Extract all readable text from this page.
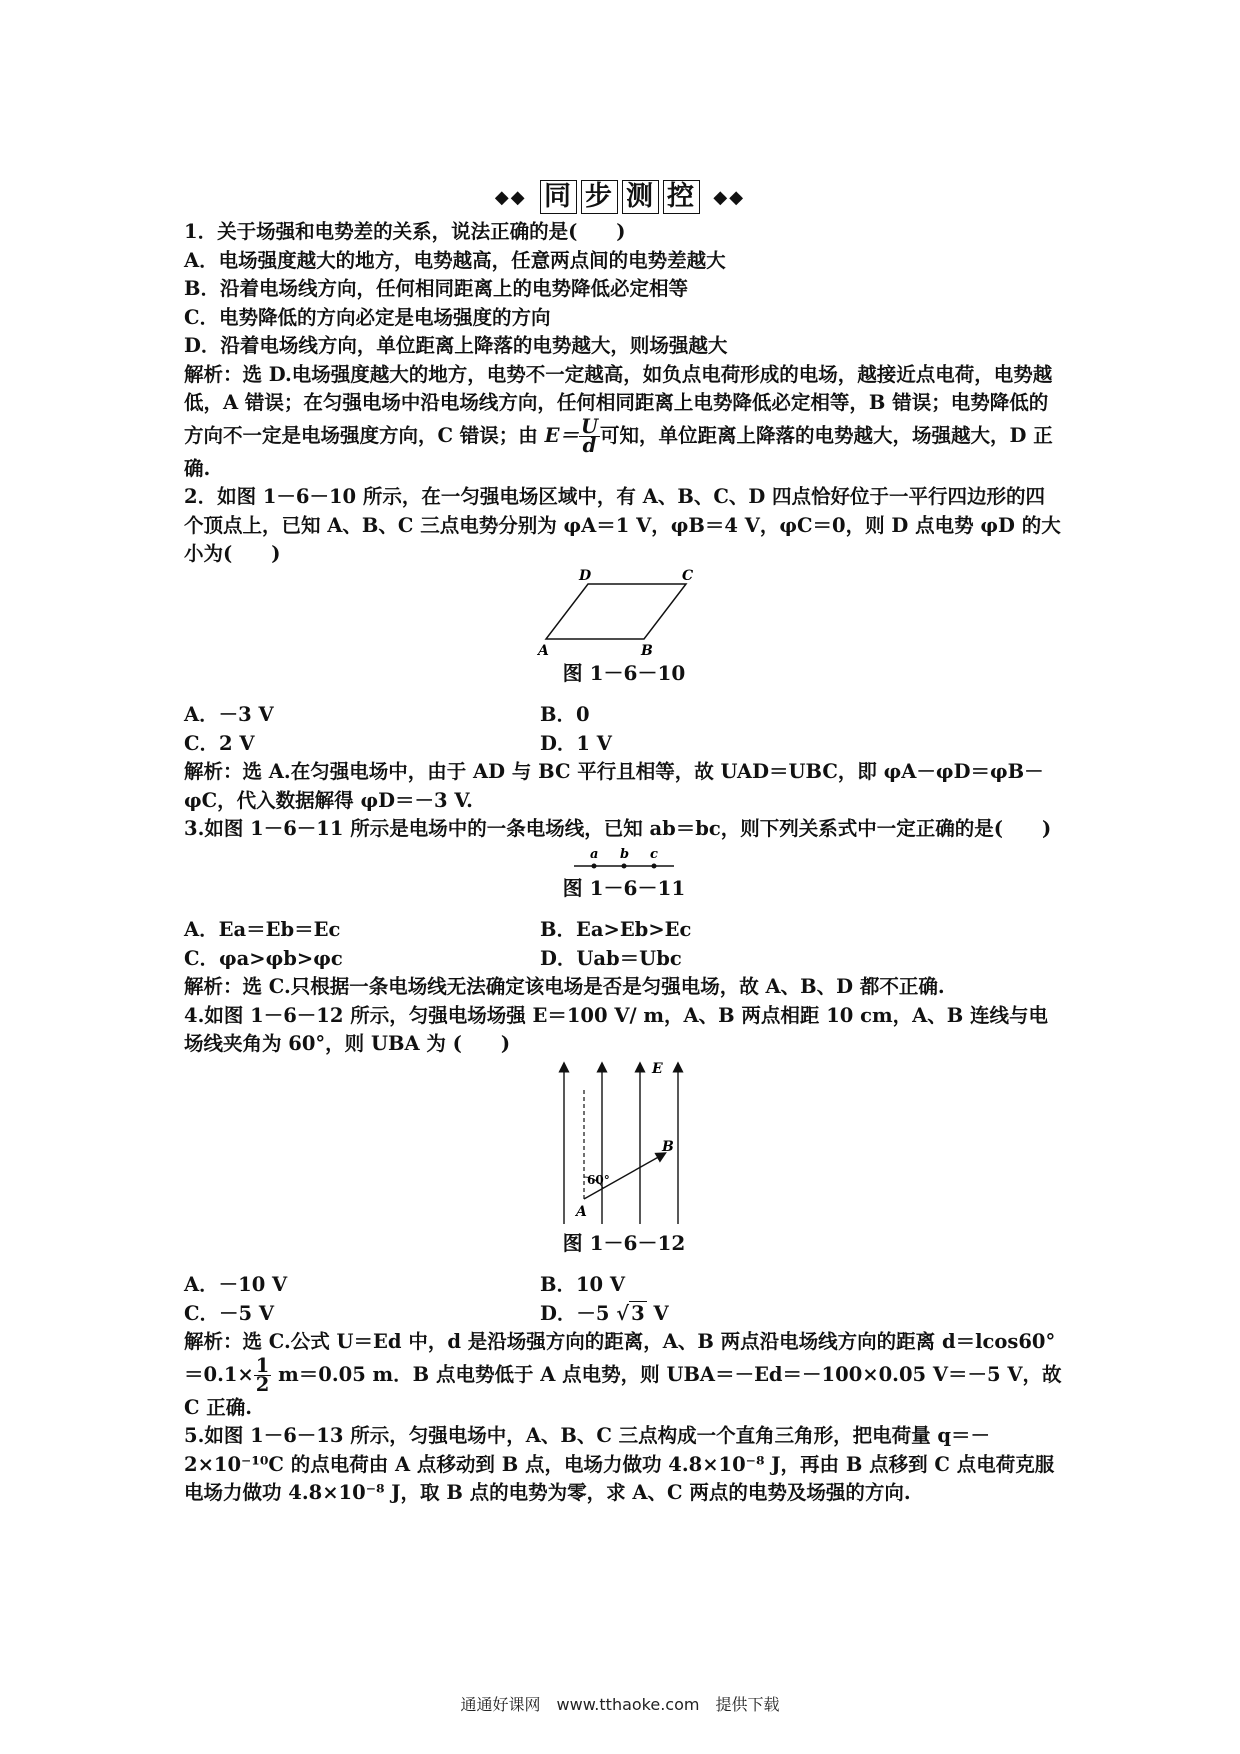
◆◆ 同 步 测 控 ◆◆

1．关于场强和电势差的关系，说法正确的是(　　)

A．电场强度越大的地方，电势越高，任意两点间的电势差越大

B．沿着电场线方向，任何相同距离上的电势降低必定相等

C．电势降低的方向必定是电场强度的方向

D．沿着电场线方向，单位距离上降落的电势越大，则场强越大

解析：选 D.电场强度越大的地方，电势不一定越高，如负点电荷形成的电场，越接近点电荷，电势越低，A 错误；在匀强电场中沿电场线方向，任何相同距离上电势降低必定相等，B 错误；电势降低的方向不一定是电场强度方向，C 错误；由 $E= \frac{U}{d}$ 可知，单位距离上降落的电势越大，场强越大，D 正确.

2．如图 1－6－10 所示，在一匀强电场区域中，有 A、B、C、D 四点恰好位于一平行四边形的四个顶点上，已知 A、B、C 三点电势分别为 φA＝1 V，φB＝4 V，φC＝0，则 D 点电势 φD 的大小为(　　)

A	B
C
D

图 1－6－10

A．－3 V	B．0
C．2 V	D．1 V

解析：选 A.在匀强电场中，由于 AD 与 BC 平行且相等，故 UAD＝UBC，即 φA－φD＝φB－φC，代入数据解得 φD＝－3 V.

3.如图 1－6－11 所示是电场中的一条电场线，已知 ab＝bc，则下列关系式中一定正确的是(　　)

a b c

图 1－6－11

A．Ea＝Eb＝Ec	B．Ea>Eb>Ec
C．φa>φb>φc	D．Uab＝Ubc

解析：选 C.只根据一条电场线无法确定该电场是否是匀强电场，故 A、B、D 都不正确.

4.如图 1－6－12 所示，匀强电场场强 E＝100 V/ m，A、B 两点相距 10 cm，A、B 连线与电场线夹角为 60°，则 UBA 为 (　　)

E
B
A
60°

图 1－6－12

A．－10 V	B．10 V
C．－5 V	D．－5 √ 3 V

解析：选 C.公式 U＝Ed 中，d 是沿场强方向的距离，A、B 两点沿电场线方向的距离 $d=lcos60^\circ=0.1\times \frac{1}{2} m=0.05$ m．B 点电势低于 A 点电势，则 UBA＝－Ed＝－100×0.05 V＝－5 V，故 C 正确.

5.如图 1－6－13 所示，匀强电场中，A、B、C 三点构成一个直角三角形，把电荷量 q＝－2×10⁻¹⁰C 的点电荷由 A 点移动到 B 点，电场力做功 4.8×10⁻⁸ J，再由 B 点移到 C 点电荷克服电场力做功 4.8×10⁻⁸ J，取 B 点的电势为零，求 A、C 两点的电势及场强的方向.

通通好课网　www.tthaoke.com　提供下载
